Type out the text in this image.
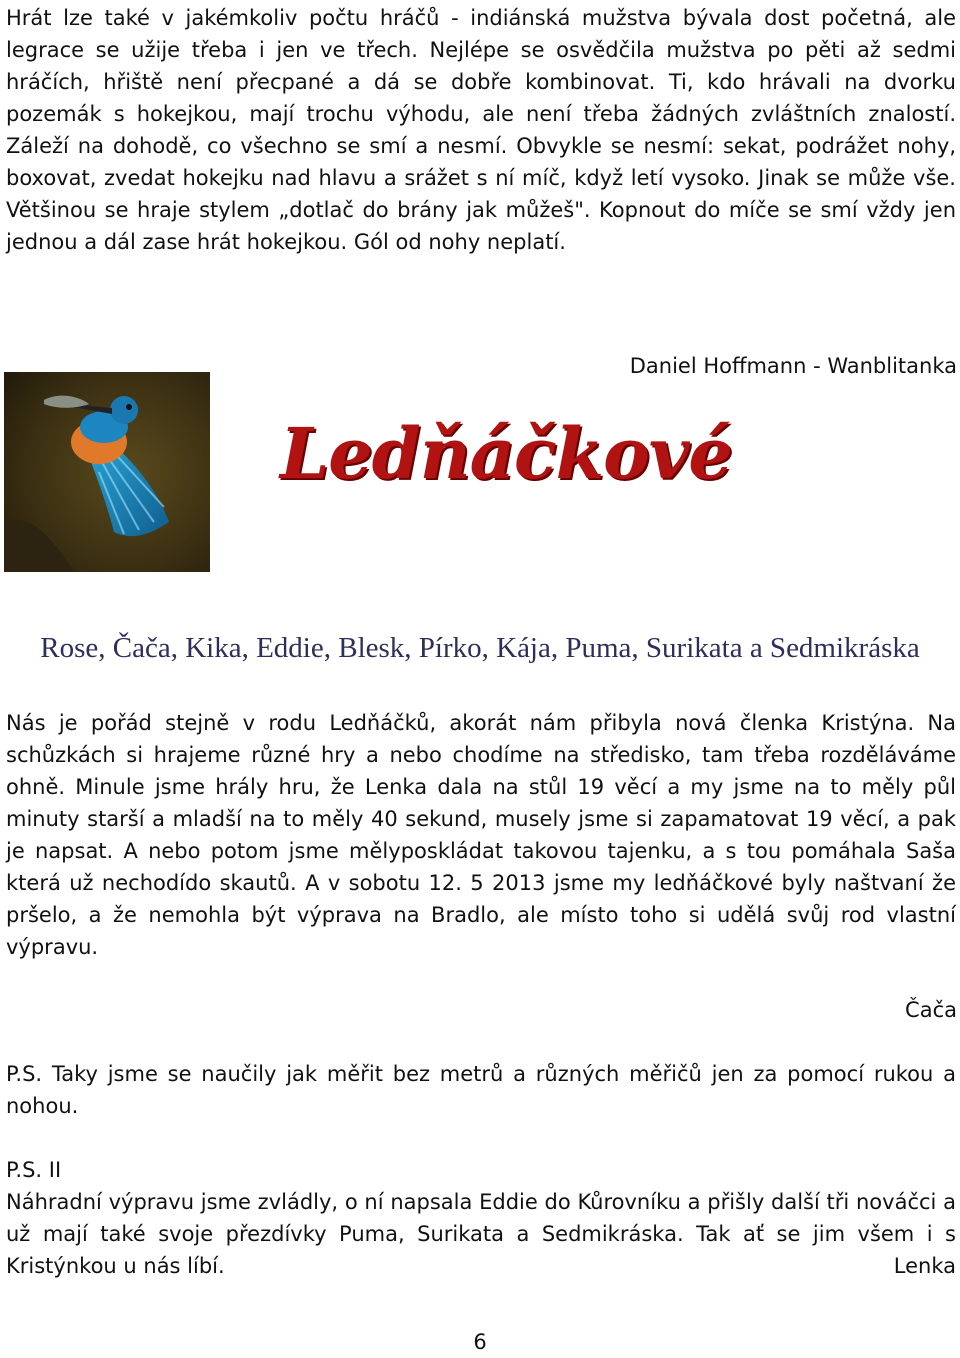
Hrát lze také v jakémkoliv počtu hráčů - indiánská mužstva bývala dost početná, ale legrace se užije třeba i jen ve třech. Nejlépe se osvědčila mužstva po pěti až sedmi hráčích, hřiště není přecpané a dá se dobře kombinovat. Ti, kdo hrávali na dvorku pozemák s hokejkou, mají trochu výhodu, ale není třeba žádných zvláštních znalostí. Záleží na dohodě, co všechno se smí a nesmí. Obvykle se nesmí: sekat, podrážet nohy, boxovat, zvedat hokejku nad hlavu a srážet s ní míč, když letí vysoko. Jinak se může vše. Většinou se hraje stylem „dotlač do brány jak můžeš". Kopnout do míče se smí vždy jen jednou a dál zase hrát hokejkou. Gól od nohy neplatí.

Daniel Hoffmann - Wanblitanka
Ledňáčkové
Rose, Čača, Kika, Eddie, Blesk, Pírko, Kája, Puma, Surikata a Sedmikráska

Nás je pořád stejně v rodu Ledňáčků, akorát nám přibyla nová členka Kristýna. Na schůzkách si hrajeme různé hry a nebo chodíme na středisko, tam třeba rozděláváme ohně. Minule jsme hrály hru, že Lenka dala na stůl 19 věcí a my jsme na to měly půl minuty starší a mladší na to měly 40 sekund, musely jsme si zapamatovat 19 věcí, a pak je napsat. A nebo potom jsme mělyposkládat takovou tajenku, a s tou pomáhala Saša která už nechodído skautů. A v sobotu 12. 5 2013 jsme my ledňáčkové byly naštvaní že pršelo, a že nemohla být výprava na Bradlo, ale místo toho si udělá svůj rod vlastní výpravu.

Čača

P.S. Taky jsme se naučily jak měřit bez metrů a různých měřičů jen za pomocí rukou a nohou.

P.S. II

Náhradní výpravu jsme zvládly, o ní napsala Eddie do Kůrovníku a přišly další tři nováčci a už mají také svoje přezdívky Puma, Surikata a Sedmikráska. Tak ať se jim všem i s Kristýnkou u nás líbí.	Lenka
6
